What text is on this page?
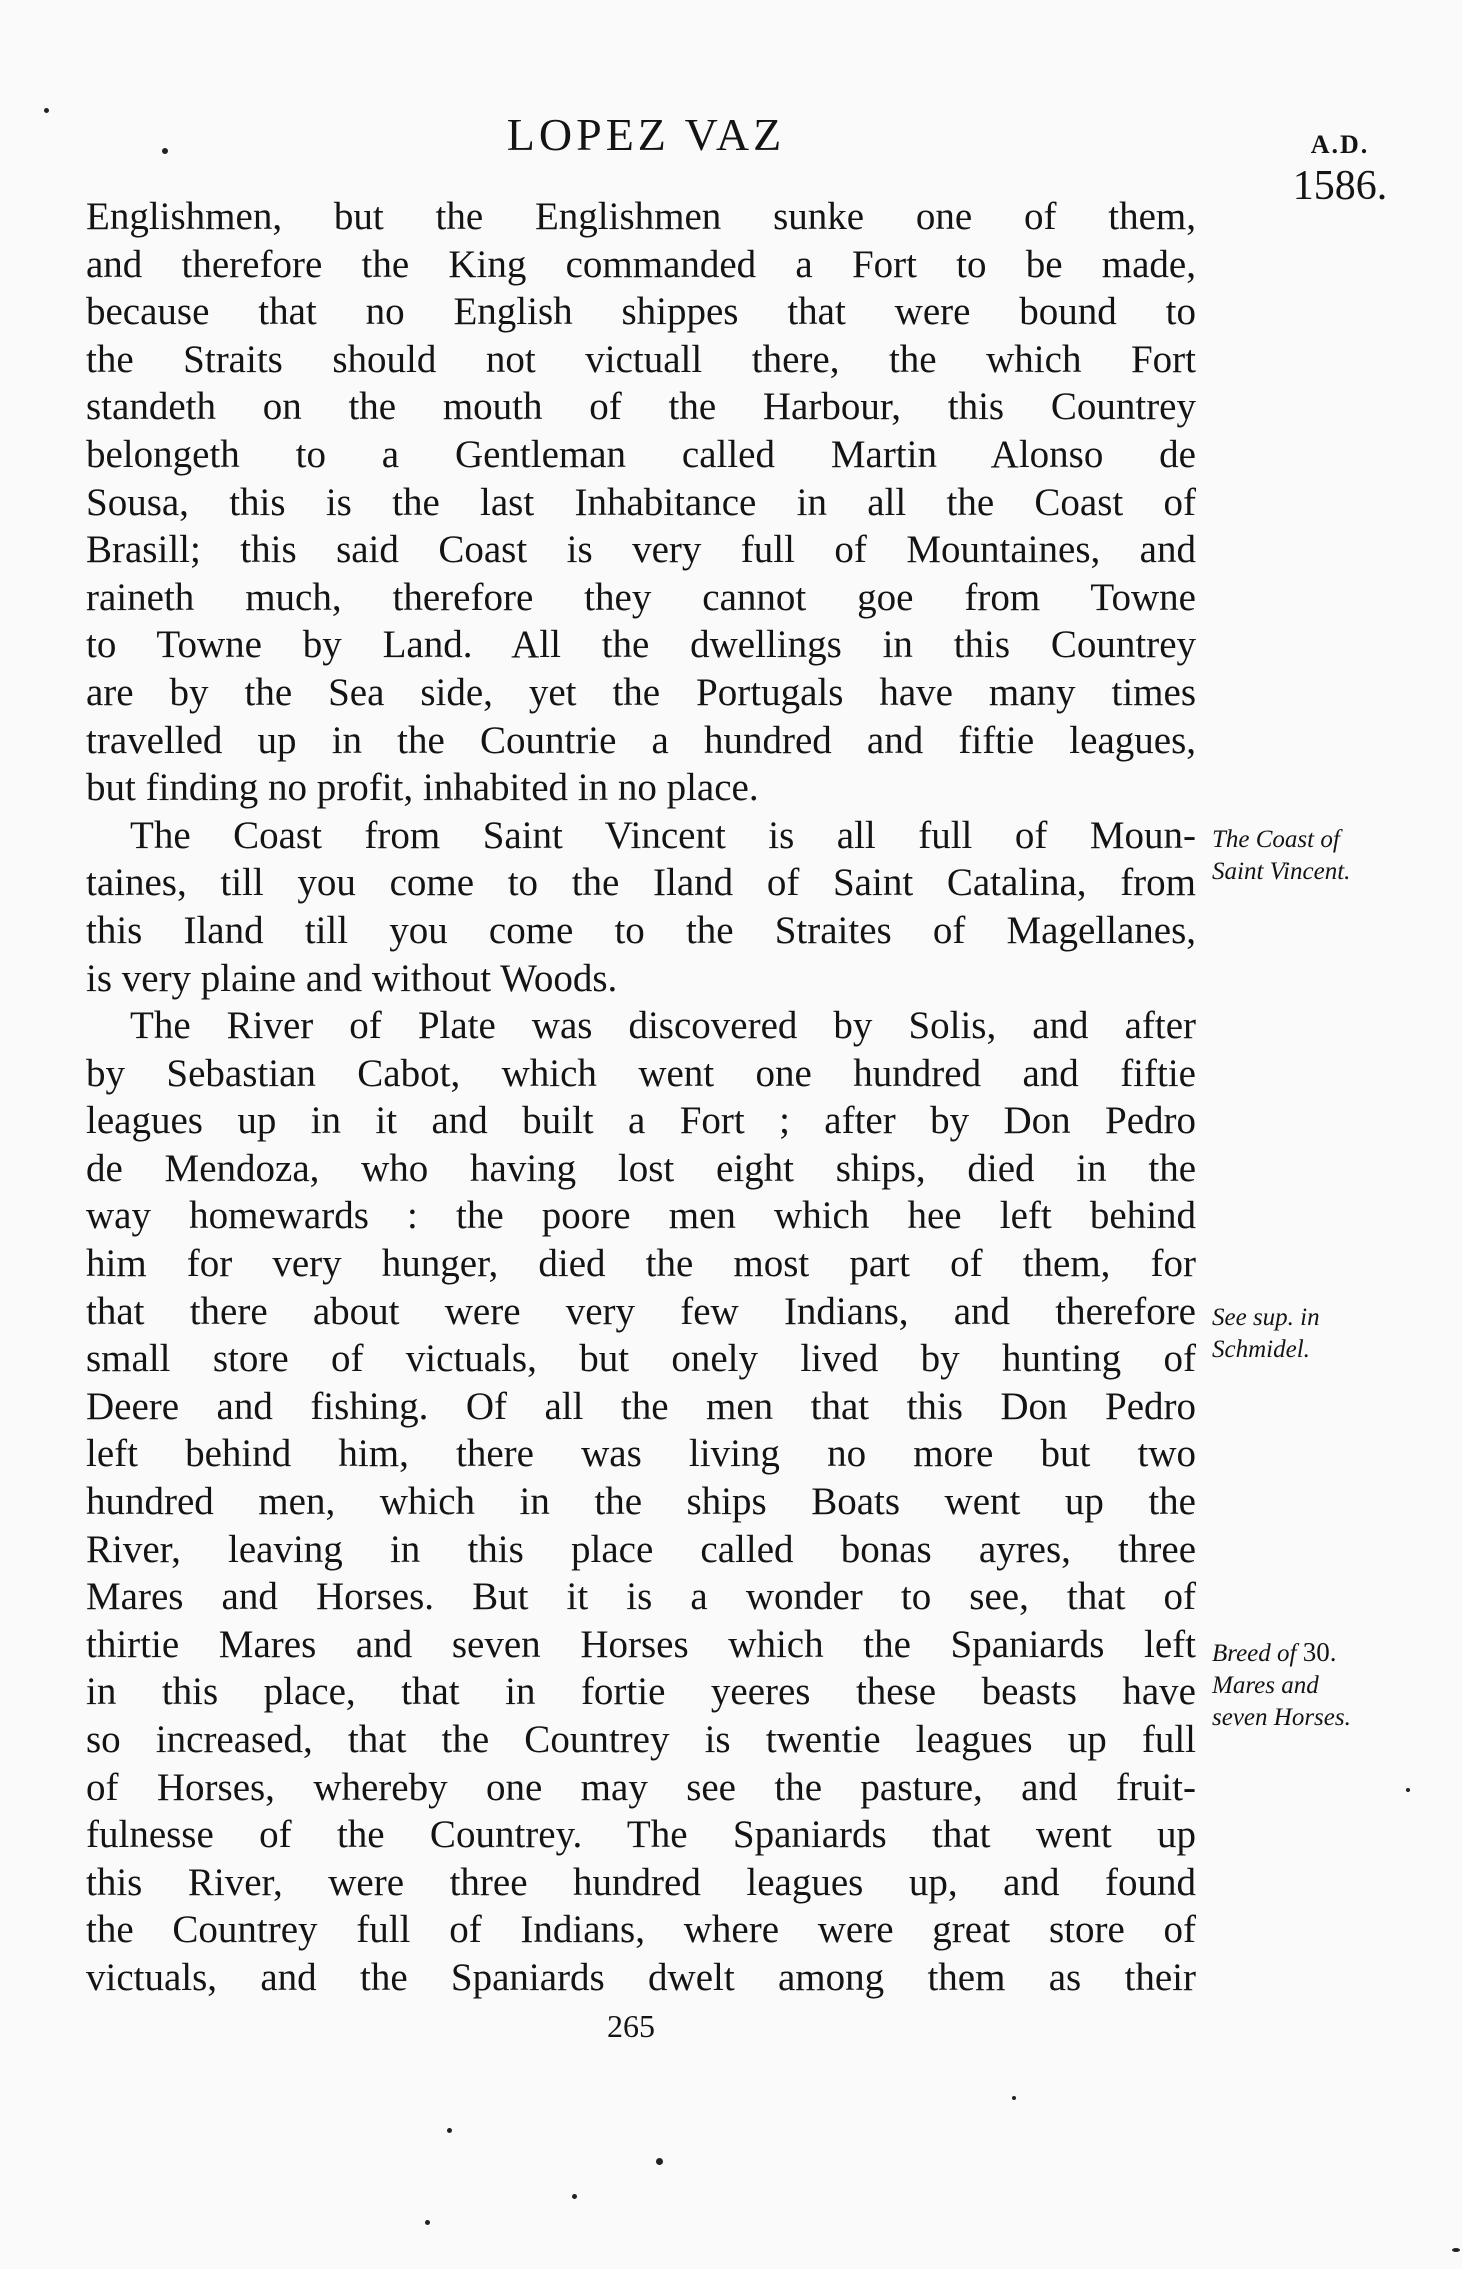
LOPEZ VAZ	A.D.
1586.
Englishmen, but the Englishmen sunke one of them,
and therefore the King commanded a Fort to be made,
because that no English shippes that were bound to
the Straits should not victuall there, the which Fort
standeth on the mouth of the Harbour, this Countrey
belongeth to a Gentleman called Martin Alonso de
Sousa, this is the last Inhabitance in all the Coast of
Brasill; this said Coast is very full of Mountaines, and
raineth much, therefore they cannot goe from Towne
to Towne by Land. All the dwellings in this Countrey
are by the Sea side, yet the Portugals have many times
travelled up in the Countrie a hundred and fiftie leagues,
but finding no profit, inhabited in no place.
The Coast from Saint Vincent is all full of Moun-
taines, till you come to the Iland of Saint Catalina, from
this Iland till you come to the Straites of Magellanes,
is very plaine and without Woods.
The River of Plate was discovered by Solis, and after
by Sebastian Cabot, which went one hundred and fiftie
leagues up in it and built a Fort ; after by Don Pedro
de Mendoza, who having lost eight ships, died in the
way homewards : the poore men which hee left behind
him for very hunger, died the most part of them, for
that there about were very few Indians, and therefore
small store of victuals, but onely lived by hunting of
Deere and fishing. Of all the men that this Don Pedro
left behind him, there was living no more but two
hundred men, which in the ships Boats went up the
River, leaving in this place called bonas ayres, three
Mares and Horses. But it is a wonder to see, that of
thirtie Mares and seven Horses which the Spaniards left
in this place, that in fortie yeeres these beasts have
so increased, that the Countrey is twentie leagues up full
of Horses, whereby one may see the pasture, and fruit-
fulnesse of the Countrey. The Spaniards that went up
this River, were three hundred leagues up, and found
the Countrey full of Indians, where were great store of
victuals, and the Spaniards dwelt among them as their
The Coast of
Saint Vincent.
See sup. in
Schmidel.
Breed of 30.
Mares and
seven Horses.
265
